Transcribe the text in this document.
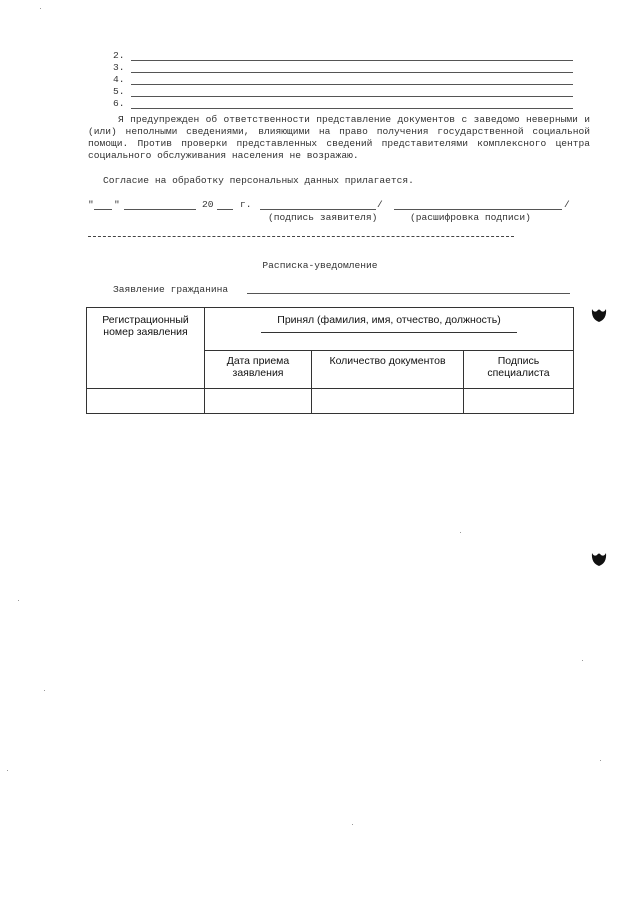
2.
3.
4.
5.
6.
Я предупрежден об ответственности представление документов с заведомо неверными и (или) неполными сведениями, влияющими на право получения государственной социальной помощи. Против проверки представленных сведений представителями комплексного центра социального обслуживания населения не возражаю.
Согласие на обработку персональных данных прилагается.
" "	20	г.	/	/
(подпись заявителя)	(расшифровка подписи)
Расписка-уведомление
Заявление гражданина
Регистрационный номер заявления	Принял (фамилия, имя, отчество, должность)		
	Дата приема заявления	Количество документов	Подпись специалиста
